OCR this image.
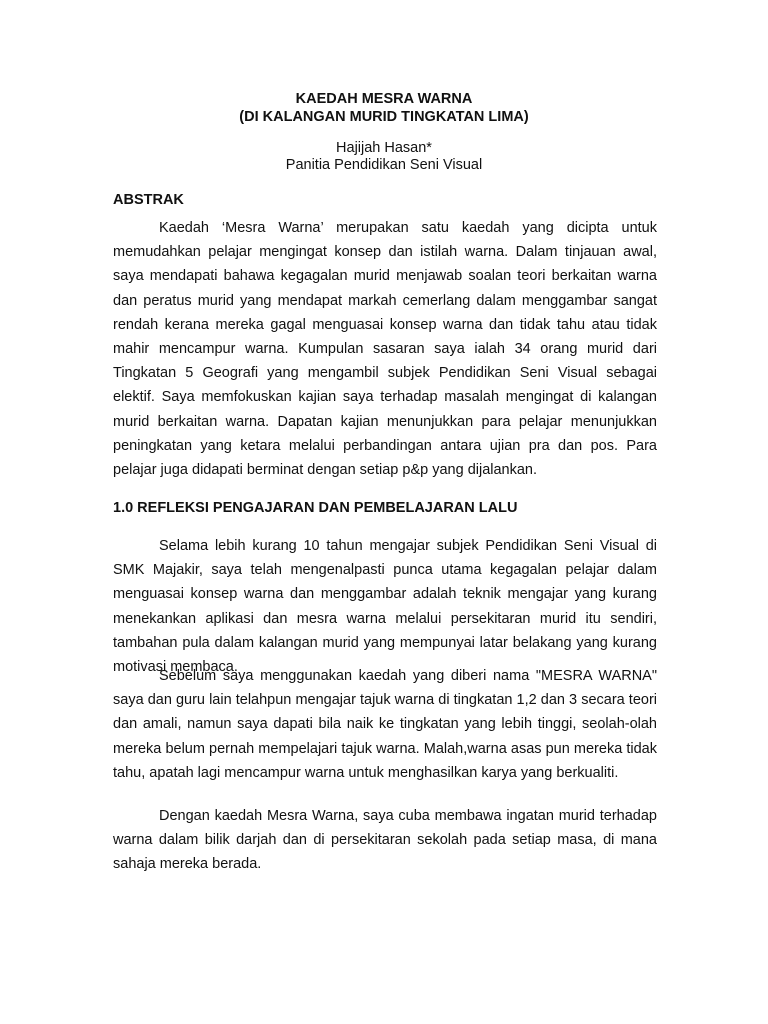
KAEDAH MESRA WARNA
(DI KALANGAN MURID TINGKATAN LIMA)
Hajijah Hasan*
Panitia Pendidikan Seni Visual
ABSTRAK

Kaedah ‘Mesra Warna’ merupakan satu kaedah yang dicipta untuk memudahkan pelajar mengingat konsep dan istilah warna. Dalam tinjauan awal, saya mendapati bahawa kegagalan murid menjawab soalan teori berkaitan warna dan peratus murid yang mendapat markah cemerlang dalam menggambar sangat rendah kerana mereka gagal menguasai konsep warna dan tidak tahu atau tidak mahir mencampur warna. Kumpulan sasaran saya ialah 34 orang murid dari Tingkatan 5 Geografi yang mengambil subjek Pendidikan Seni Visual sebagai elektif. Saya memfokuskan kajian saya terhadap masalah mengingat di kalangan murid berkaitan warna. Dapatan kajian menunjukkan para pelajar menunjukkan peningkatan yang ketara melalui perbandingan antara ujian pra dan pos. Para pelajar juga didapati berminat dengan setiap p&p yang dijalankan.

1.0 REFLEKSI PENGAJARAN DAN PEMBELAJARAN LALU

Selama lebih kurang 10 tahun mengajar subjek Pendidikan Seni Visual di SMK Majakir, saya telah mengenalpasti punca utama kegagalan pelajar dalam menguasai konsep warna dan menggambar adalah teknik mengajar yang kurang menekankan aplikasi dan mesra warna melalui persekitaran murid itu sendiri, tambahan pula dalam kalangan murid yang mempunyai latar belakang yang kurang motivasi membaca.

Sebelum saya menggunakan kaedah yang diberi nama "MESRA WARNA" saya dan guru lain telahpun mengajar tajuk warna di tingkatan 1,2 dan 3 secara teori dan amali, namun saya dapati bila naik ke tingkatan yang lebih tinggi, seolah-olah mereka belum pernah mempelajari tajuk warna. Malah,warna asas pun mereka tidak tahu, apatah lagi mencampur warna untuk menghasilkan karya yang berkualiti.

Dengan kaedah Mesra Warna, saya cuba membawa ingatan murid terhadap warna dalam bilik darjah dan di persekitaran sekolah pada setiap masa, di mana sahaja mereka berada.
